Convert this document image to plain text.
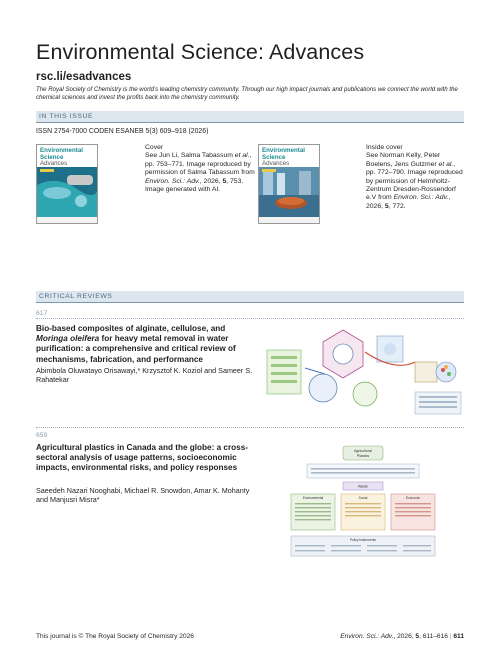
Environmental Science: Advances
rsc.li/esadvances
The Royal Society of Chemistry is the world’s leading chemistry community. Through our high impact journals and publications we connect the world with the chemical sciences and invest the profits back into the chemistry community.
IN THIS ISSUE
ISSN 2754-7000 CODEN ESANEB 5(3) 609–918 (2026)
Environmental
Science
Advances
Cover
See Jun Li, Salma Tabassum et al., pp. 753–771. Image reproduced by permission of Salma Tabassum from Environ. Sci.: Adv., 2026, 5, 753. Image generated with AI.
Environmental
Science
Advances
Inside cover
See Norman Kelly, Peter Boelens, Jens Gutzmer et al., pp. 772–790. Image reproduced by permission of Helmholtz-Zentrum Dresden-Rossendorf e.V from Environ. Sci.: Adv., 2026, 5, 772.
CRITICAL REVIEWS
617
Bio-based composites of alginate, cellulose, and Moringa oleifera for heavy metal removal in water purification: a comprehensive and critical review of mechanisms, fabrication, and performance
Abimbola Oluwatayo Orisawayi,* Krzysztof K. Koziol and Sameer S. Rahatekar
659
Agricultural plastics in Canada and the globe: a cross-sectoral analysis of usage patterns, socioeconomic impacts, environmental risks, and policy responses
Saeedeh Nazari Nooghabi, Michael R. Snowdon, Amar K. Mohanty and Manjusri Misra*
Agricultural
Plastics
Waste
Environmental	Social	Economic
Policy Instruments
This journal is © The Royal Society of Chemistry 2026	Environ. Sci.: Adv., 2026, 5, 611–616 | 611
